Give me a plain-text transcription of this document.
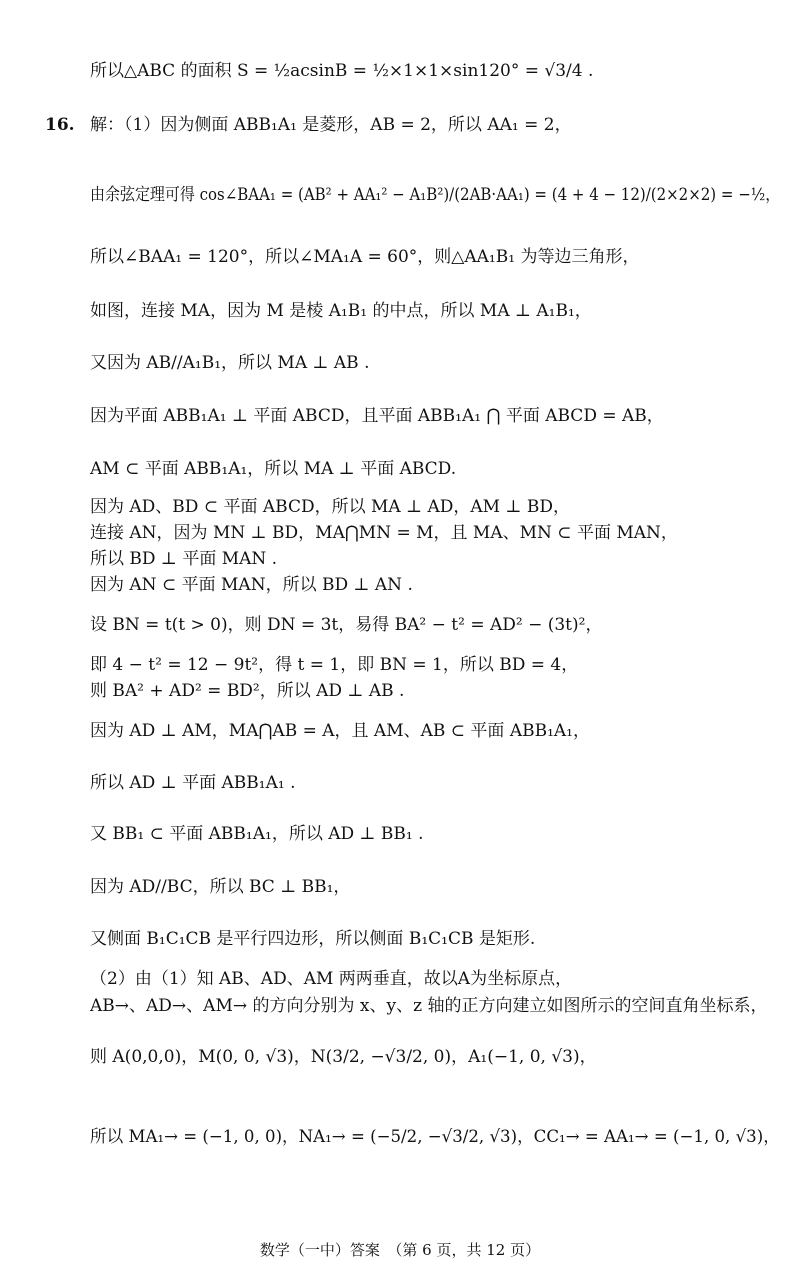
所以△ABC 的面积 S = ½acsinB = ½×1×1×sin120° = √3/4 .
16. 解：（1）因为侧面 ABB₁A₁ 是菱形，AB = 2，所以 AA₁ = 2，
由余弦定理可得 cos∠BAA₁ = (AB² + AA₁² − A₁B²)/(2AB·AA₁) = (4 + 4 − 12)/(2×2×2) = −½，
所以∠BAA₁ = 120°，所以∠MA₁A = 60°，则△AA₁B₁ 为等边三角形，
如图，连接 MA，因为 M 是棱 A₁B₁ 的中点，所以 MA ⊥ A₁B₁，
又因为 AB//A₁B₁，所以 MA ⊥ AB .
因为平面 ABB₁A₁ ⊥ 平面 ABCD，且平面 ABB₁A₁ ⋂ 平面 ABCD = AB，
AM ⊂ 平面 ABB₁A₁，所以 MA ⊥ 平面 ABCD.
因为 AD、BD ⊂ 平面 ABCD，所以 MA ⊥ AD，AM ⊥ BD，
连接 AN，因为 MN ⊥ BD，MA⋂MN = M，且 MA、MN ⊂ 平面 MAN，
所以 BD ⊥ 平面 MAN .
因为 AN ⊂ 平面 MAN，所以 BD ⊥ AN .
设 BN = t(t > 0)，则 DN = 3t，易得 BA² − t² = AD² − (3t)²，
即 4 − t² = 12 − 9t²，得 t = 1，即 BN = 1，所以 BD = 4，
则 BA² + AD² = BD²，所以 AD ⊥ AB .
因为 AD ⊥ AM，MA⋂AB = A，且 AM、AB ⊂ 平面 ABB₁A₁，
所以 AD ⊥ 平面 ABB₁A₁ .
又 BB₁ ⊂ 平面 ABB₁A₁，所以 AD ⊥ BB₁ .
因为 AD//BC，所以 BC ⊥ BB₁，
又侧面 B₁C₁CB 是平行四边形，所以侧面 B₁C₁CB 是矩形.
（2）由（1）知 AB、AD、AM 两两垂直，故以A为坐标原点，
AB→、AD→、AM→ 的方向分别为 x、y、z 轴的正方向建立如图所示的空间直角坐标系，
则 A(0,0,0)，M(0, 0, √3)，N(3/2, −√3/2, 0)，A₁(−1, 0, √3)，
所以 MA₁→ = (−1, 0, 0)，NA₁→ = (−5/2, −√3/2, √3)，CC₁→ = AA₁→ = (−1, 0, √3)，
数学（一中）答案　（第 6 页，共 12 页）
